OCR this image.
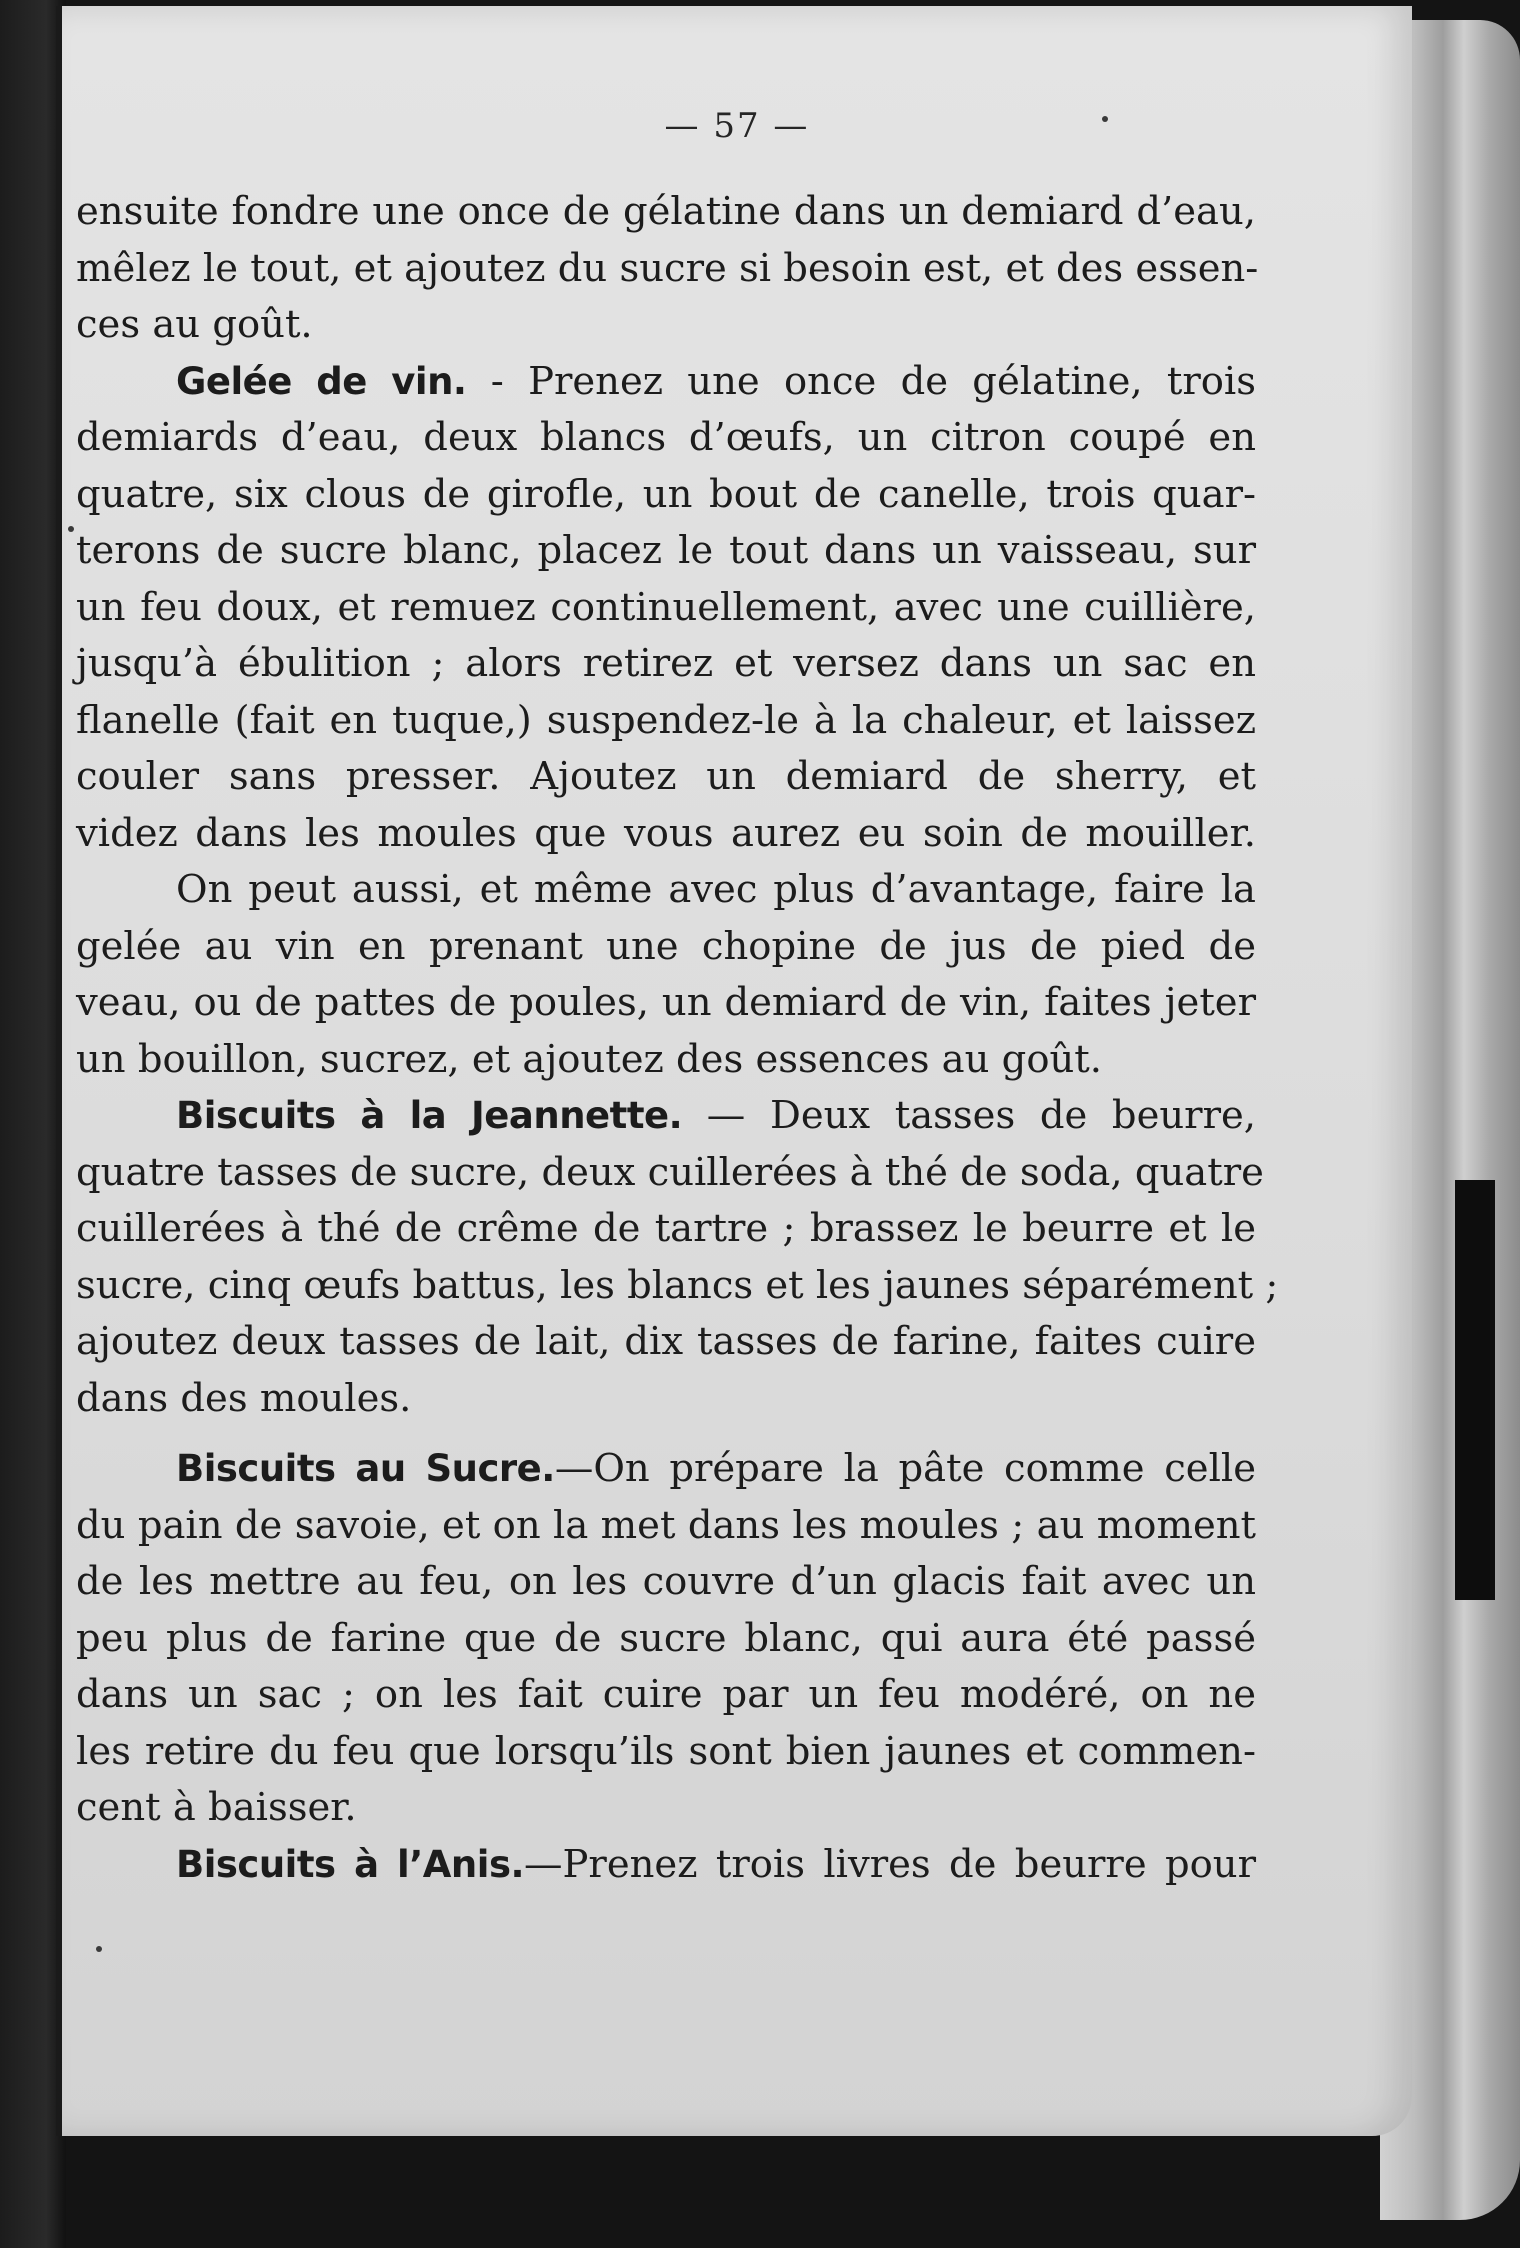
— 57 —
ensuite fondre une once de gélatine dans un demiard d’eau,
mêlez le tout, et ajoutez du sucre si besoin est, et des essen-
ces au goût.
Gelée de vin. - Prenez une once de gélatine, trois
demiards d’eau, deux blancs d’œufs, un citron coupé en
quatre, six clous de girofle, un bout de canelle, trois quar-
terons de sucre blanc, placez le tout dans un vaisseau, sur
un feu doux, et remuez continuellement, avec une cuillière,
jusqu’à ébulition ; alors retirez et versez dans un sac en
flanelle (fait en tuque,) suspendez-le à la chaleur, et laissez
couler sans presser. Ajoutez un demiard de sherry, et
videz dans les moules que vous aurez eu soin de mouiller.
On peut aussi, et même avec plus d’avantage, faire la
gelée au vin en prenant une chopine de jus de pied de
veau, ou de pattes de poules, un demiard de vin, faites jeter
un bouillon, sucrez, et ajoutez des essences au goût.
Biscuits à la Jeannette. — Deux tasses de beurre,
quatre tasses de sucre, deux cuillerées à thé de soda, quatre
cuillerées à thé de crême de tartre ; brassez le beurre et le
sucre, cinq œufs battus, les blancs et les jaunes séparément ;
ajoutez deux tasses de lait, dix tasses de farine, faites cuire
dans des moules.
Biscuits au Sucre.—On prépare la pâte comme celle
du pain de savoie, et on la met dans les moules ; au moment
de les mettre au feu, on les couvre d’un glacis fait avec un
peu plus de farine que de sucre blanc, qui aura été passé
dans un sac ; on les fait cuire par un feu modéré, on ne
les retire du feu que lorsqu’ils sont bien jaunes et commen-
cent à baisser.
Biscuits à l’Anis.—Prenez trois livres de beurre pour
